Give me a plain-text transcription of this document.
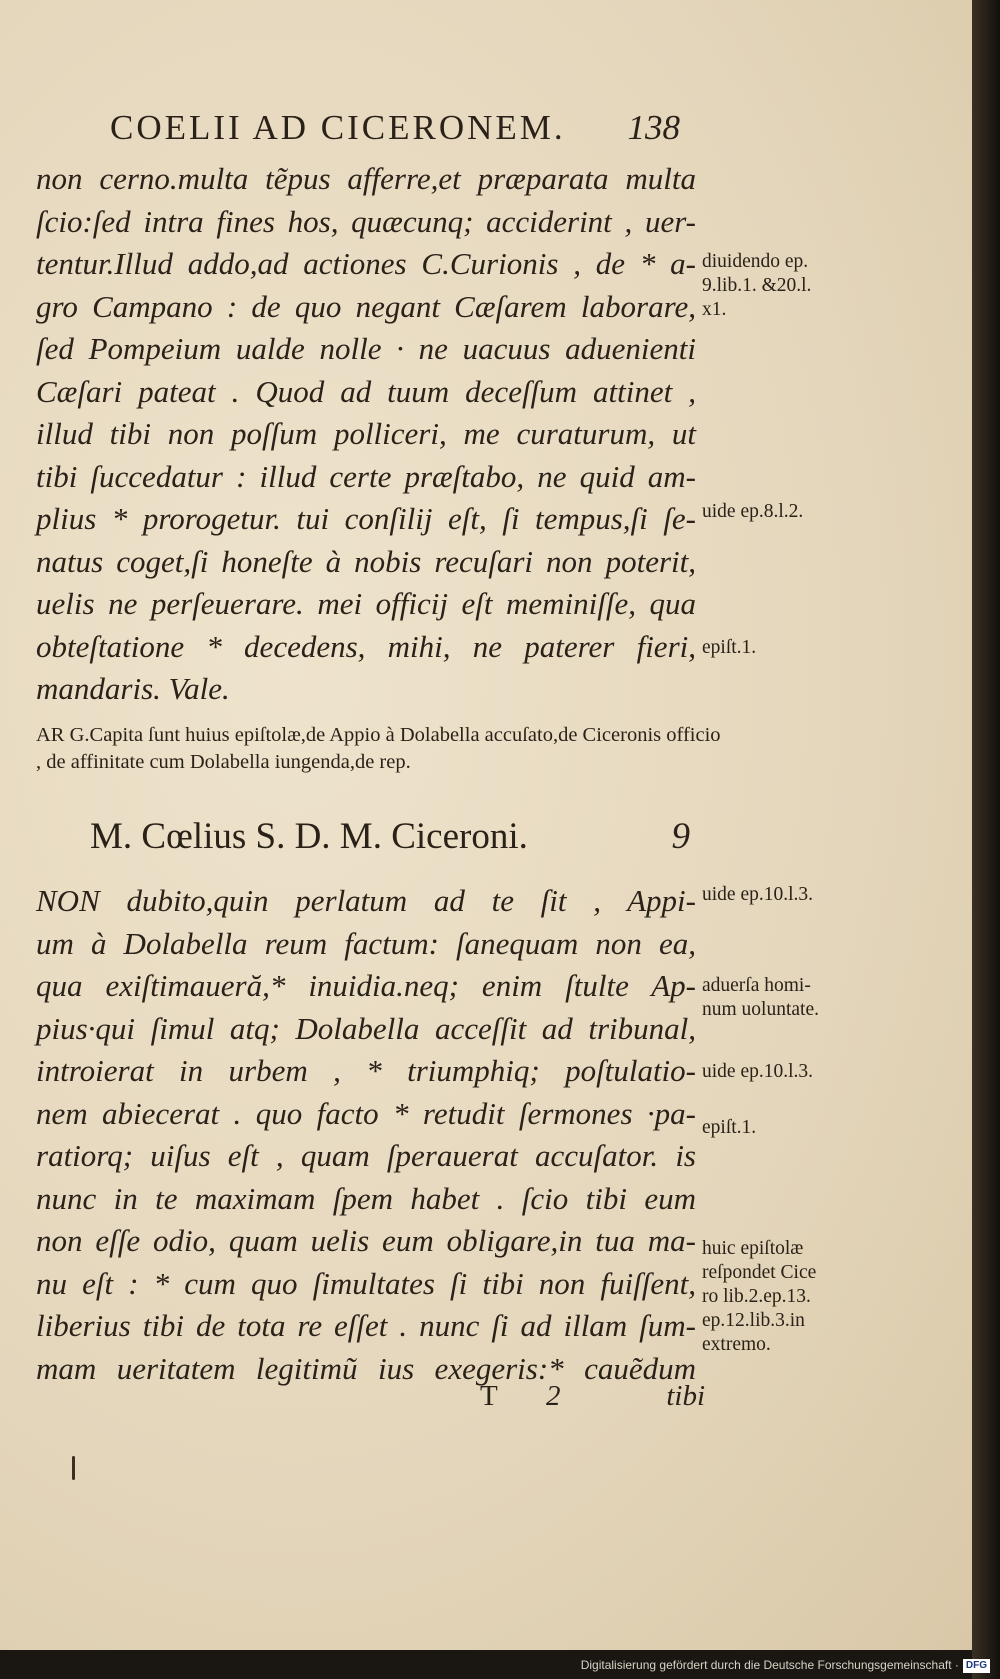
COELII AD CICERONEM. 138
non cerno.multa tẽpus afferre,et præparata multa
ſcio:ſed intra fines hos, quæcunq; acciderint , uer-
tentur.Illud addo,ad actiones C.Curionis , de * a-
gro Campano : de quo negant Cæſarem laborare,
ſed Pompeium ualde nolle · ne uacuus aduenienti
Cæſari pateat . Quod ad tuum deceſſum attinet ,
illud tibi non poſſum polliceri, me curaturum, ut
tibi ſuccedatur : illud certe præſtabo, ne quid am-
plius * prorogetur. tui conſilij eſt, ſi tempus,ſi ſe-
natus coget,ſi honeſte à nobis recuſari non poterit,
uelis ne perſeuerare. mei officij eſt meminiſſe, qua
obteſtatione * decedens, mihi, ne paterer fieri,
mandaris. Vale.
AR G.Capita ſunt huius epiſtolæ,de Appio à Dolabella accuſato,de Ciceronis officio , de affinitate cum Dolabella iungenda,de rep.
M. Cœlius S. D. M. Ciceroni.	9
NON dubito,quin perlatum ad te ſit , Appi-
um à Dolabella reum factum: ſanequam non ea,
qua exiſtimaueră,* inuidia.neq; enim ſtulte Ap-
pius·qui ſimul atq; Dolabella acceſſit ad tribunal,
introierat in urbem , * triumphiq; poſtulatio-
nem abiecerat . quo facto * retudit ſermones ·pa-
ratiorq; uiſus eſt , quam ſperauerat accuſator. is
nunc in te maximam ſpem habet . ſcio tibi eum
non eſſe odio, quam uelis eum obligare,in tua ma-
nu eſt : * cum quo ſimultates ſi tibi non fuiſſent,
liberius tibi de tota re eſſet . nunc ſi ad illam ſum-
mam ueritatem legitimũ ius exegeris:* cauẽdum
T 2	tibi
diuidendo ep.
9.lib.1. &20.l.
x1.
uide ep.8.l.2.
epiſt.1.
uide ep.10.l.3.
aduerſa homi-
num uoluntate.
uide ep.10.l.3.
epiſt.1.
huic epiſtolæ
reſpondet Cice
ro lib.2.ep.13.
ep.12.lib.3.in
extremo.
Digitalisierung gefördert durch die Deutsche Forschungsgemeinschaft · DFG
